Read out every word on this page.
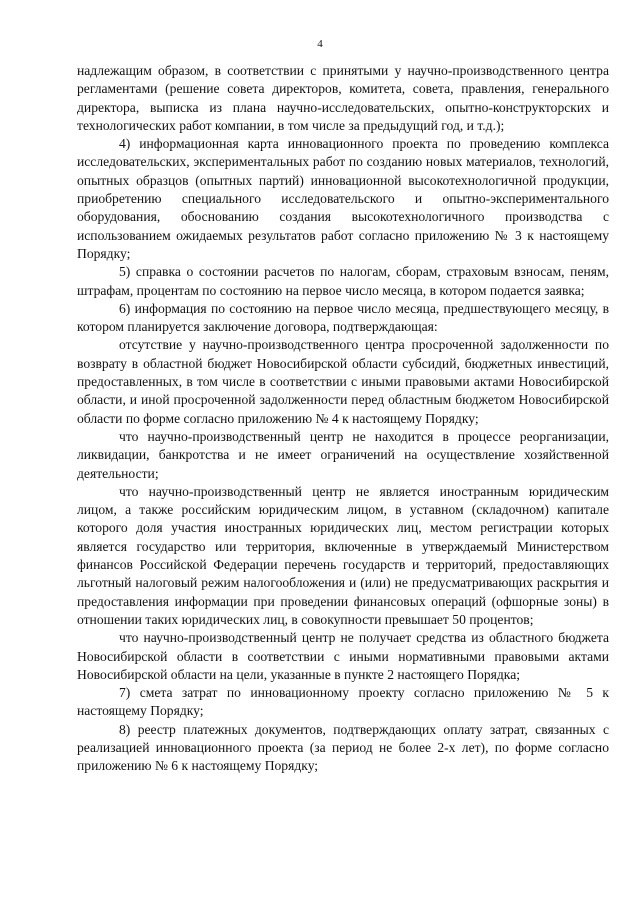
4

надлежащим образом, в соответствии с принятыми у научно-производственного центра регламентами (решение совета директоров, комитета, совета, правления, генерального директора, выписка из плана научно-исследовательских, опытно-конструкторских и технологических работ компании, в том числе за предыдущий год, и т.д.);

4) информационная карта инновационного проекта по проведению комплекса исследовательских, экспериментальных работ по созданию новых материалов, технологий, опытных образцов (опытных партий) инновационной высокотехнологичной продукции, приобретению специального исследовательского и опытно-экспериментального оборудования, обоснованию создания высокотехнологичного производства с использованием ожидаемых результатов работ согласно приложению № 3 к настоящему Порядку;

5) справка о состоянии расчетов по налогам, сборам, страховым взносам, пеням, штрафам, процентам по состоянию на первое число месяца, в котором подается заявка;

6) информация по состоянию на первое число месяца, предшествующего месяцу, в котором планируется заключение договора, подтверждающая:

отсутствие у научно-производственного центра просроченной задолженности по возврату в областной бюджет Новосибирской области субсидий, бюджетных инвестиций, предоставленных, в том числе в соответствии с иными правовыми актами Новосибирской области, и иной просроченной задолженности перед областным бюджетом Новосибирской области по форме согласно приложению № 4 к настоящему Порядку;

что научно-производственный центр не находится в процессе реорганизации, ликвидации, банкротства и не имеет ограничений на осуществление хозяйственной деятельности;

что научно-производственный центр не является иностранным юридическим лицом, а также российским юридическим лицом, в уставном (складочном) капитале которого доля участия иностранных юридических лиц, местом регистрации которых является государство или территория, включенные в утверждаемый Министерством финансов Российской Федерации перечень государств и территорий, предоставляющих льготный налоговый режим налогообложения и (или) не предусматривающих раскрытия и предоставления информации при проведении финансовых операций (офшорные зоны) в отношении таких юридических лиц, в совокупности превышает 50 процентов;

что научно-производственный центр не получает средства из областного бюджета Новосибирской области в соответствии с иными нормативными правовыми актами Новосибирской области на цели, указанные в пункте 2 настоящего Порядка;

7) смета затрат по инновационному проекту согласно приложению № 5 к настоящему Порядку;

8) реестр платежных документов, подтверждающих оплату затрат, связанных с реализацией инновационного проекта (за период не более 2-х лет), по форме согласно приложению № 6 к настоящему Порядку;
